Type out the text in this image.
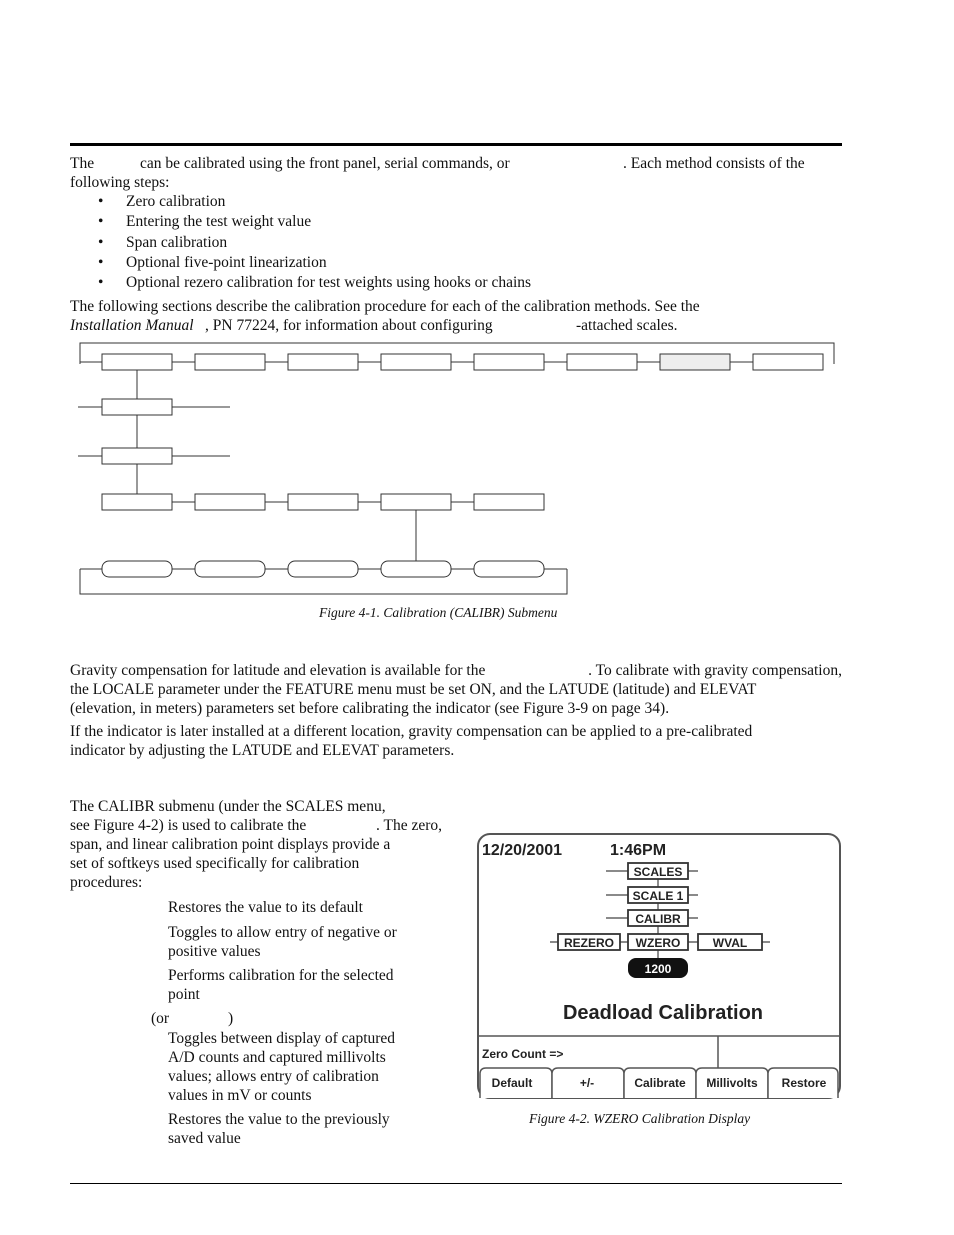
The	can be calibrated using the front panel, serial commands, or	. Each method consists of the
following steps:
• Zero calibration
• Entering the test weight value
• Span calibration
• Optional five-point linearization
• Optional rezero calibration for test weights using hooks or chains
The following sections describe the calibration procedure for each of the calibration methods. See the
Installation Manual , PN 77224, for information about configuring	-attached scales.
Figure 4-1. Calibration (CALIBR) Submenu
Gravity compensation for latitude and elevation is available for the	. To calibrate with gravity compensation,
the LOCALE parameter under the FEATURE menu must be set ON, and the LATUDE (latitude) and ELEVAT
(elevation, in meters) parameters set before calibrating the indicator (see Figure 3-9 on page 34).
If the indicator is later installed at a different location, gravity compensation can be applied to a pre-calibrated
indicator by adjusting the LATUDE and ELEVAT parameters.
The CALIBR submenu (under the SCALES menu,
see Figure 4-2) is used to calibrate the	. The zero,
span, and linear calibration point displays provide a
set of softkeys used specifically for calibration
procedures:
Restores the value to its default
Toggles to allow entry of negative or
positive values
Performs calibration for the selected
point
(or	)
Toggles between display of captured
A/D counts and captured millivolts
values; allows entry of calibration
values in mV or counts
Restores the value to the previously
saved value
12/20/2001	1:46PM
SCALES
SCALE 1
CALIBR
REZERO WZERO	WVAL
1200
Deadload Calibration
Zero Count =>
Default	+/-	Calibrate Millivolts Restore
Figure 4-2. WZERO Calibration Display
